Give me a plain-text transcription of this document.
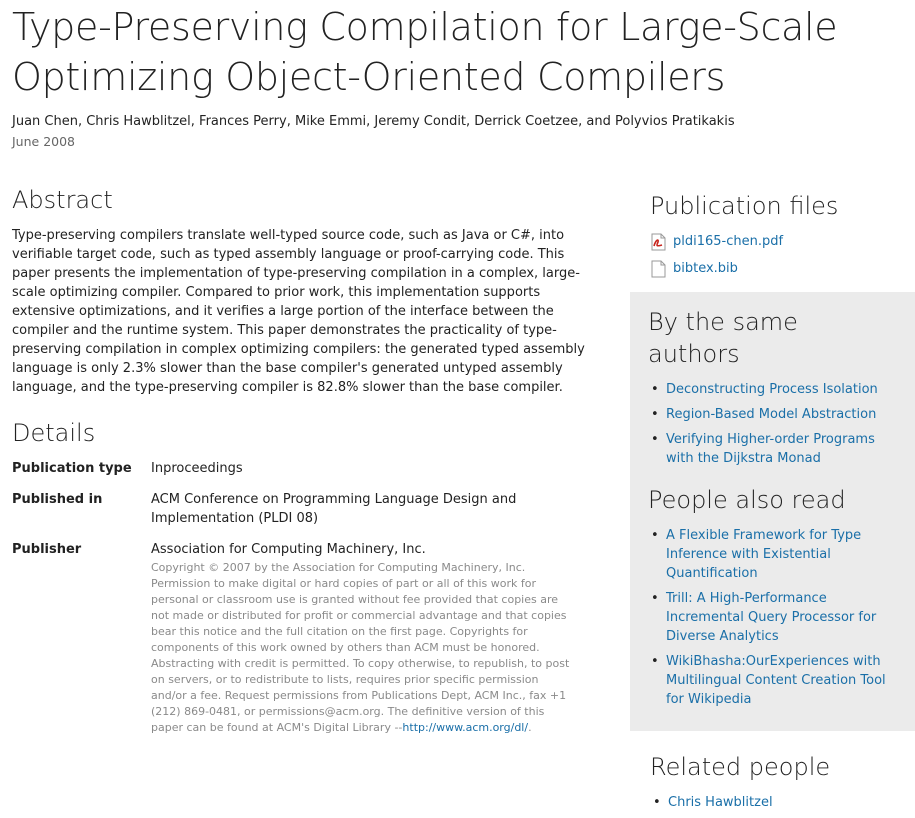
Type-Preserving Compilation for Large-Scale Optimizing Object-Oriented Compilers
Juan Chen, Chris Hawblitzel, Frances Perry, Mike Emmi, Jeremy Condit, Derrick Coetzee, and Polyvios Pratikakis
June 2008
Abstract

Type-preserving compilers translate well-typed source code, such as Java or C#, into verifiable target code, such as typed assembly language or proof-carrying code. This paper presents the implementation of type-preserving compilation in a complex, large-scale optimizing compiler. Compared to prior work, this implementation supports extensive optimizations, and it verifies a large portion of the interface between the compiler and the runtime system. This paper demonstrates the practicality of type-preserving compilation in complex optimizing compilers: the generated typed assembly language is only 2.3% slower than the base compiler's generated untyped assembly language, and the type-preserving compiler is 82.8% slower than the base compiler.

Details
Publication type	Inproceedings
Published in	ACM Conference on Programming Language Design and Implementation (PLDI 08)
Publisher	Association for Computing Machinery, Inc.
Copyright © 2007 by the Association for Computing Machinery, Inc. Permission to make digital or hard copies of part or all of this work for personal or classroom use is granted without fee provided that copies are not made or distributed for profit or commercial advantage and that copies bear this notice and the full citation on the first page. Copyrights for components of this work owned by others than ACM must be honored. Abstracting with credit is permitted. To copy otherwise, to republish, to post on servers, or to redistribute to lists, requires prior specific permission and/or a fee. Request permissions from Publications Dept, ACM Inc., fax +1 (212) 869-0481, or permissions@acm.org. The definitive version of this paper can be found at ACM's Digital Library --http://www.acm.org/dl/.
Publication files
pldi165-chen.pdf
bibtex.bib
By the same authors
• Deconstructing Process Isolation
• Region-Based Model Abstraction
• Verifying Higher-order Programs with the Dijkstra Monad
People also read
• A Flexible Framework for Type Inference with Existential Quantification
• Trill: A High-Performance Incremental Query Processor for Diverse Analytics
• WikiBhasha:OurExperiences with Multilingual Content Creation Tool for Wikipedia
Related people
• Chris Hawblitzel
